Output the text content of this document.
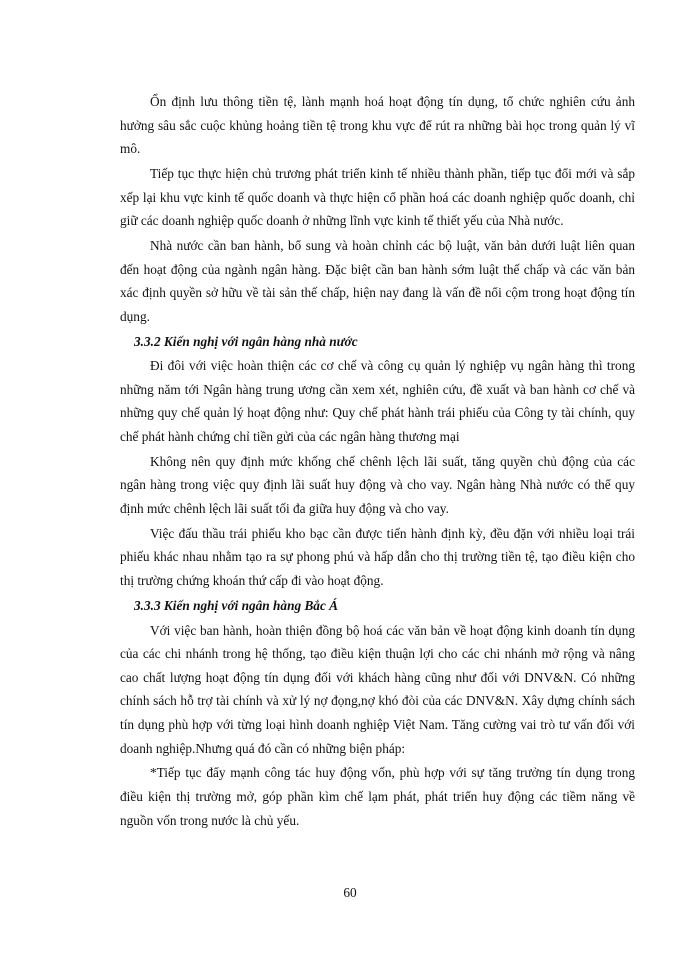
Ổn định lưu thông tiền tệ, lành mạnh hoá hoạt động tín dụng, tổ chức nghiên cứu ảnh hưởng sâu sắc cuộc khủng hoảng tiền tệ trong khu vực để rút ra những bài học trong quản lý vĩ mô.

Tiếp tục thực hiện chủ trương phát triển kinh tế nhiều thành phần, tiếp tục đổi mới và sắp xếp lại khu vực kinh tế quốc doanh và thực hiện cổ phần hoá các doanh nghiệp quốc doanh, chỉ giữ các doanh nghiệp quốc doanh ở những lĩnh vực kinh tế thiết yếu của Nhà nước.

Nhà nước cần ban hành, bổ sung và hoàn chỉnh các bộ luật, văn bản dưới luật liên quan đến hoạt động của ngành ngân hàng. Đặc biệt cần ban hành sớm luật thế chấp và các văn bản xác định quyền sở hữu về tài sản thế chấp, hiện nay đang là vấn đề nổi cộm trong hoạt động tín dụng.

3.3.2 Kiến nghị với ngân hàng nhà nước

Đi đôi với việc hoàn thiện các cơ chế và công cụ quản lý nghiệp vụ ngân hàng thì trong những năm tới Ngân hàng trung ương cần xem xét, nghiên cứu, đề xuất và ban hành cơ chế và những quy chế quản lý hoạt động như: Quy chế phát hành trái phiếu của Công ty tài chính, quy chế phát hành chứng chỉ tiền gửi của các ngân hàng thương mại

Không nên quy định mức khống chế chênh lệch lãi suất, tăng quyền chủ động của các ngân hàng trong việc quy định lãi suất huy động và cho vay. Ngân hàng Nhà nước có thể quy định mức chênh lệch lãi suất tối đa giữa huy động và cho vay.

Việc đấu thầu trái phiếu kho bạc cần được tiến hành định kỳ, đều đặn với nhiều loại trái phiếu khác nhau nhằm tạo ra sự phong phú và hấp dẫn cho thị trường tiền tệ, tạo điều kiện cho thị trường chứng khoán thứ cấp đi vào hoạt động.

3.3.3 Kiến nghị với ngân hàng Bắc Á

Với việc ban hành, hoàn thiện đồng bộ hoá các văn bản về hoạt động kinh doanh tín dụng của các chi nhánh trong hệ thống, tạo điều kiện thuận lợi cho các chi nhánh mở rộng và nâng cao chất lượng hoạt động tín dụng đối với khách hàng cũng như đối với DNV&N. Có những chính sách hỗ trợ tài chính và xử lý nợ đọng,nợ khó đòi của các DNV&N. Xây dựng chính sách tín dụng phù hợp với từng loại hình doanh nghiệp Việt Nam. Tăng cường vai trò tư vấn đối với doanh nghiệp.Nhưng quá đó cần có những biện pháp:

*Tiếp tục đẩy mạnh công tác huy động vốn, phù hợp với sự tăng trưởng tín dụng trong điều kiện thị trường mở, góp phần kìm chế lạm phát, phát triển huy động các tiềm năng về nguồn vốn trong nước là chủ yếu.

60
